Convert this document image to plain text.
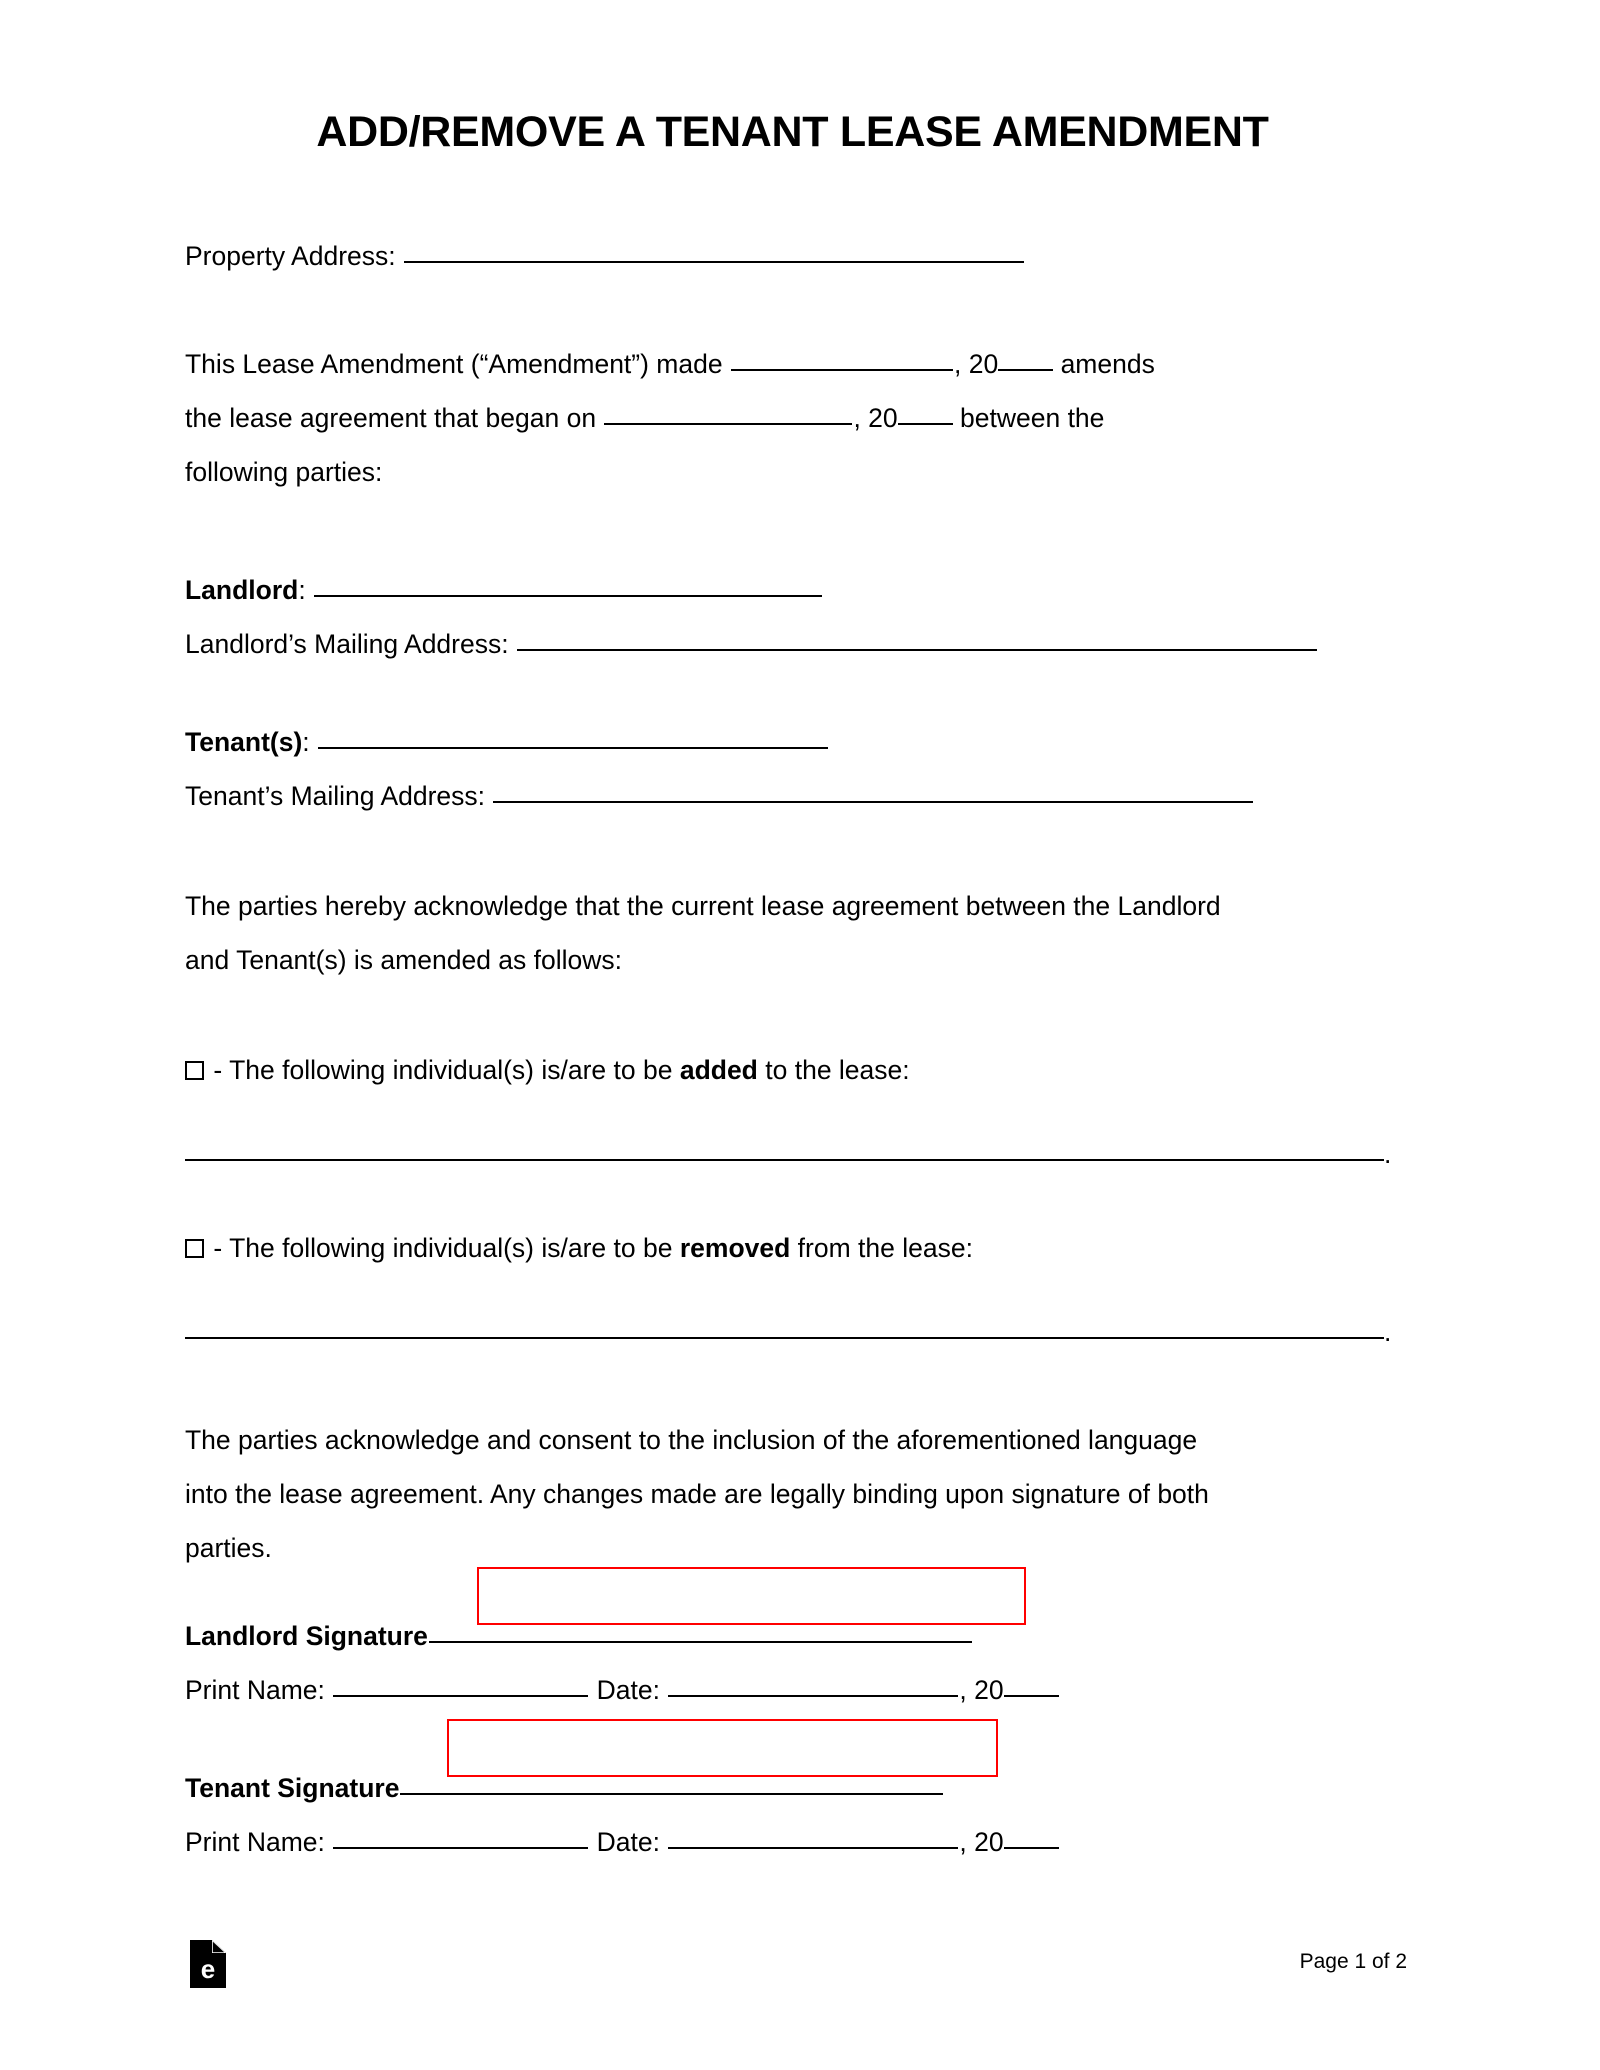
ADD/REMOVE A TENANT LEASE AMENDMENT
Property Address:
This Lease Amendment (“Amendment”) made	, 20 amends
the lease agreement that began on	, 20 between the
following parties:
Landlord:
Landlord’s Mailing Address:
Tenant(s):
Tenant’s Mailing Address:
The parties hereby acknowledge that the current lease agreement between the Landlord
and Tenant(s) is amended as follows:
- The following individual(s) is/are to be added to the lease:
.
- The following individual(s) is/are to be removed from the lease:
.
The parties acknowledge and consent to the inclusion of the aforementioned language
into the lease agreement. Any changes made are legally binding upon signature of both
parties.
Landlord Signature
Print Name:	Date:	, 20
Tenant Signature
Print Name:	Date:	, 20
e	Page 1 of 2
